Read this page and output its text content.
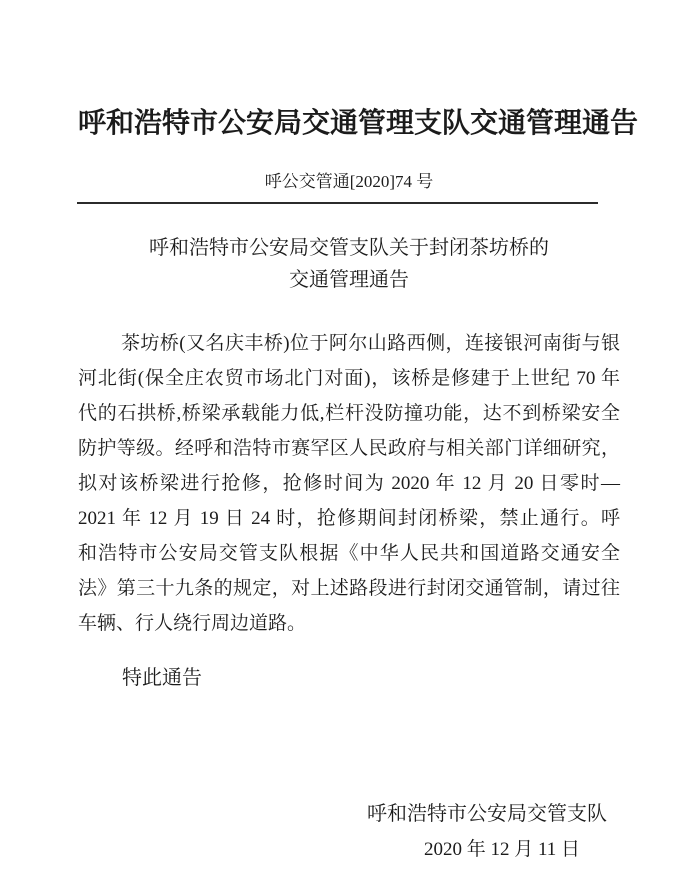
呼和浩特市公安局交通管理支队交通管理通告
呼公交管通[2020]74 号
呼和浩特市公安局交管支队关于封闭茶坊桥的
交通管理通告
茶坊桥(又名庆丰桥)位于阿尔山路西侧，连接银河南街与银
河北街(保全庄农贸市场北门对面)，该桥是修建于上世纪 70 年
代的石拱桥,桥梁承载能力低,栏杆没防撞功能，达不到桥梁安全
防护等级。经呼和浩特市赛罕区人民政府与相关部门详细研究，
拟对该桥梁进行抢修，抢修时间为 2020 年 12 月 20 日零时—
2021 年 12 月 19 日 24 时，抢修期间封闭桥梁，禁止通行。呼
和浩特市公安局交管支队根据《中华人民共和国道路交通安全
法》第三十九条的规定，对上述路段进行封闭交通管制，请过往
车辆、行人绕行周边道路。
特此通告
呼和浩特市公安局交管支队
2020 年 12 月 11 日
